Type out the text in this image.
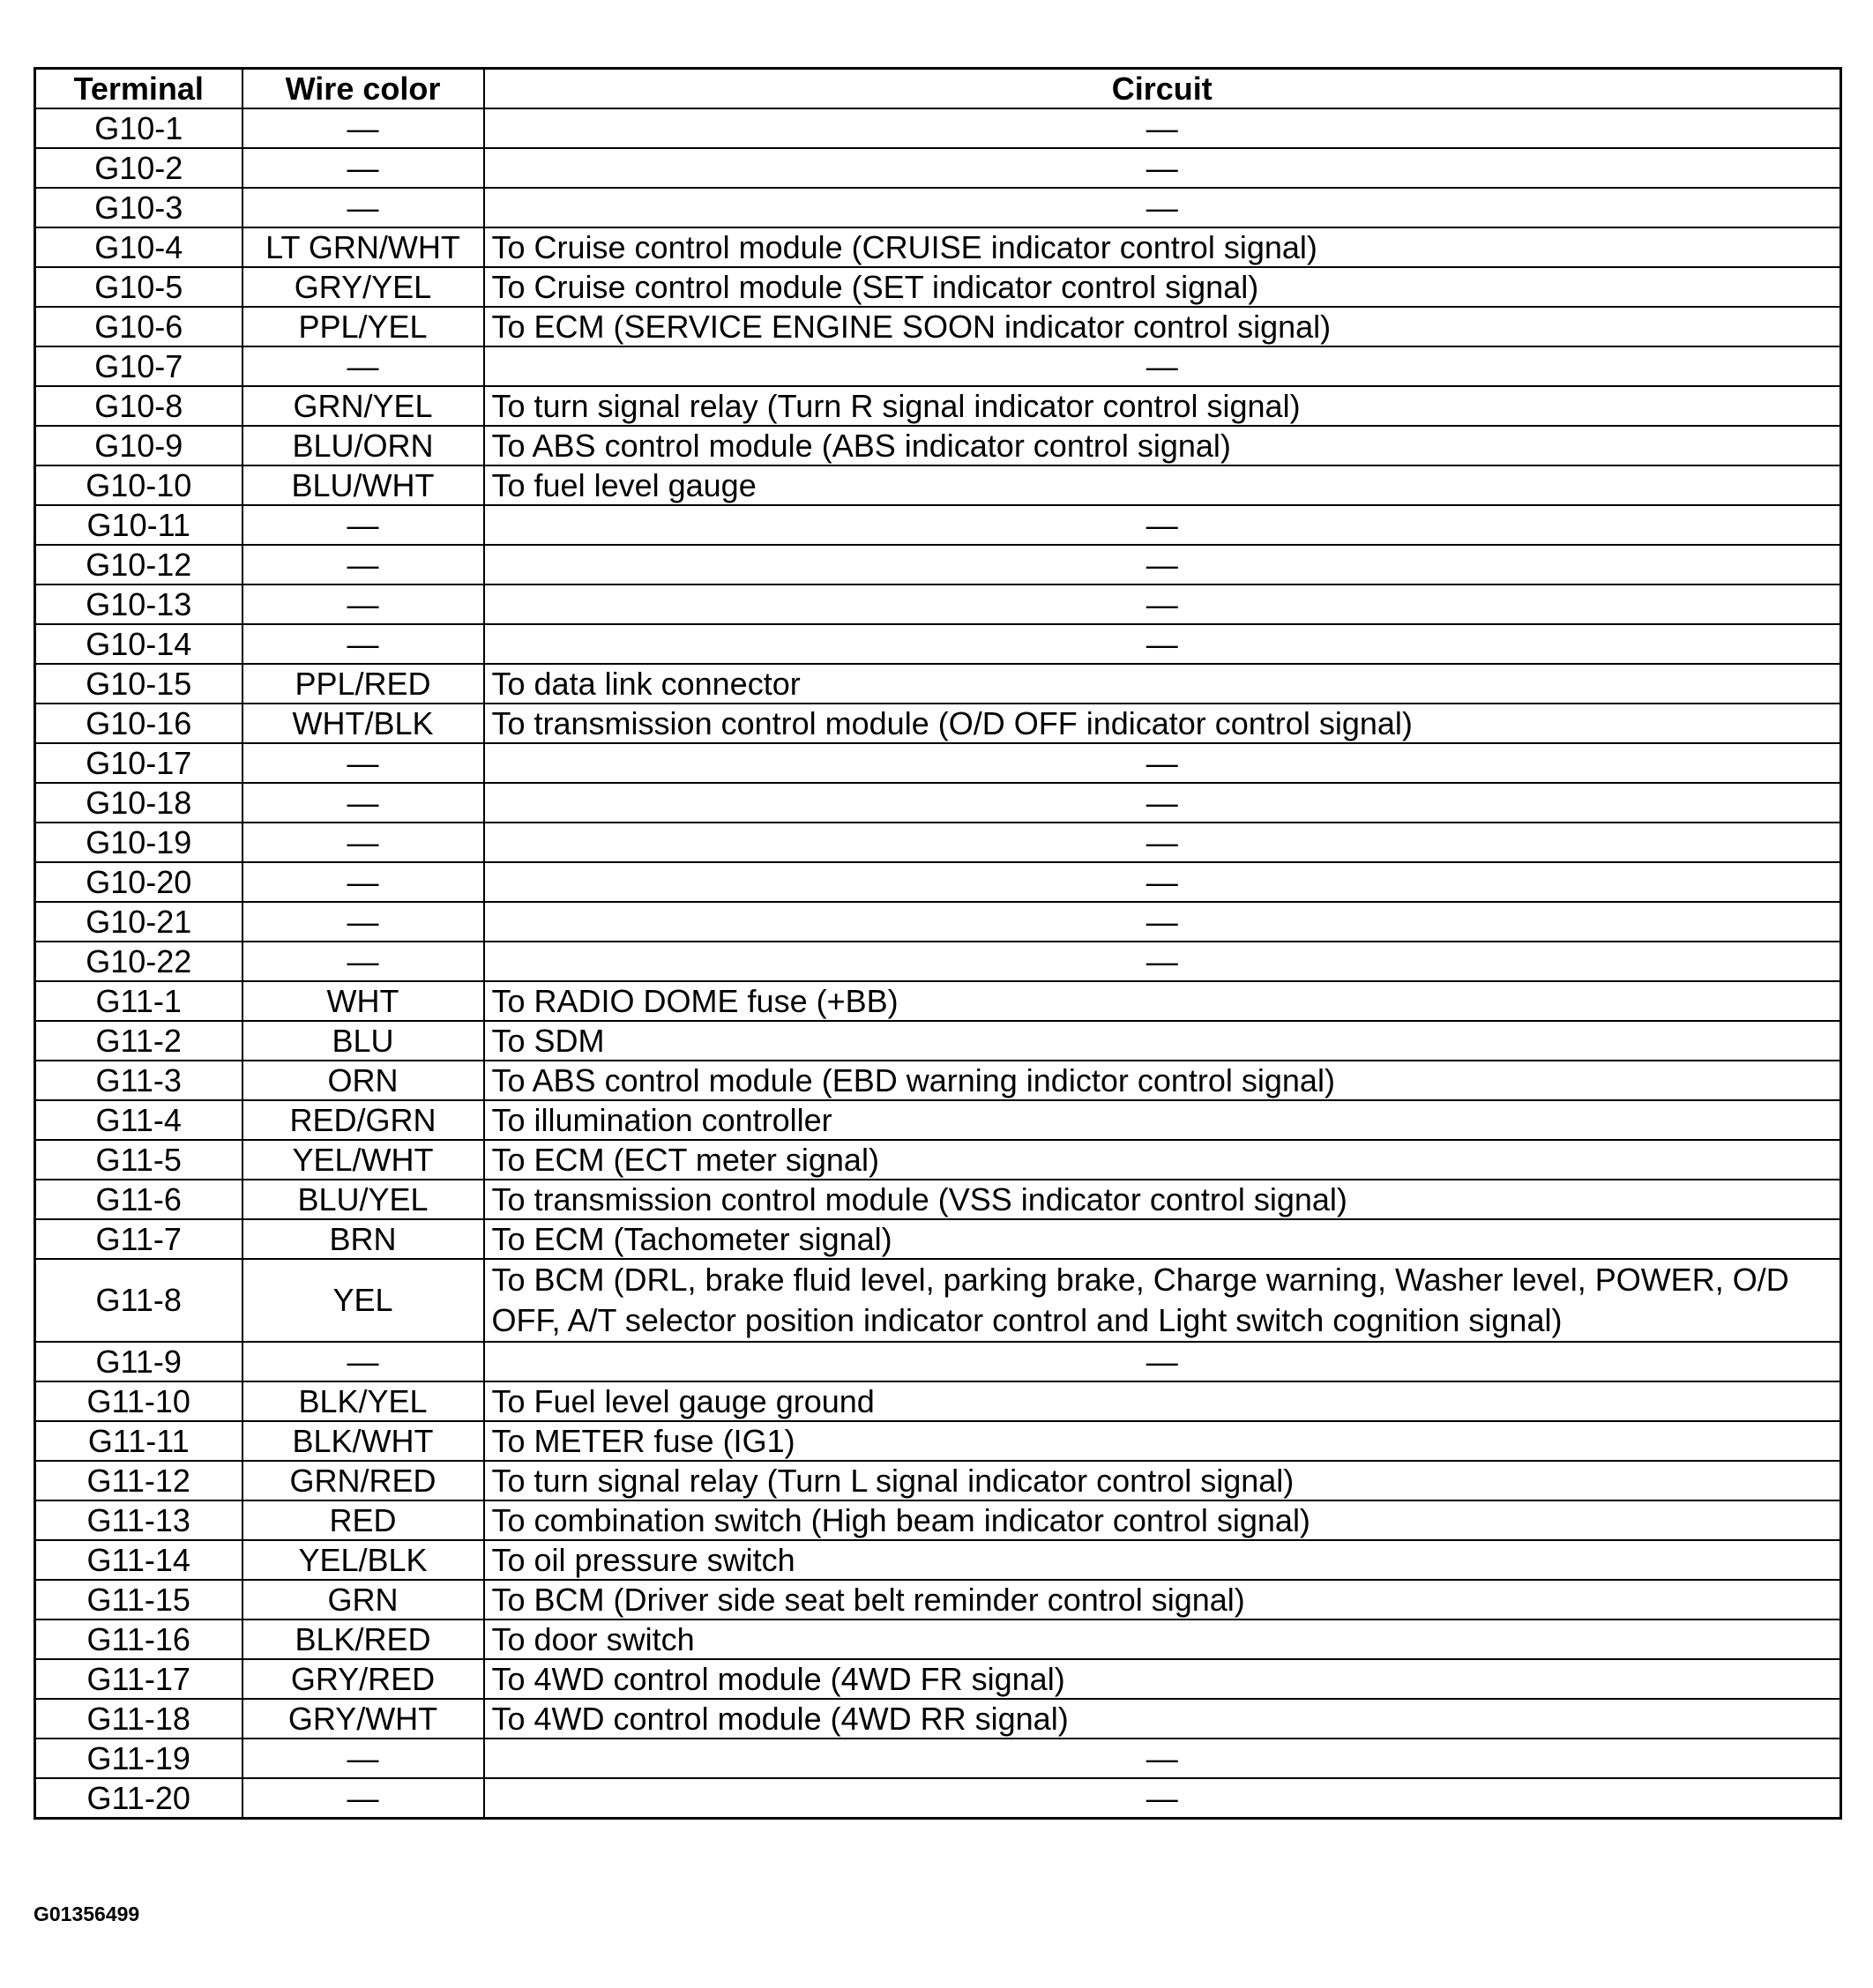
Terminal	Wire color	Circuit
G10-1	—	—
G10-2	—	—
G10-3	—	—
G10-4	LT GRN/WHT	To Cruise control module (CRUISE indicator control signal)
G10-5	GRY/YEL	To Cruise control module (SET indicator control signal)
G10-6	PPL/YEL	To ECM (SERVICE ENGINE SOON indicator control signal)
G10-7	—	—
G10-8	GRN/YEL	To turn signal relay (Turn R signal indicator control signal)
G10-9	BLU/ORN	To ABS control module (ABS indicator control signal)
G10-10	BLU/WHT	To fuel level gauge
G10-11	—	—
G10-12	—	—
G10-13	—	—
G10-14	—	—
G10-15	PPL/RED	To data link connector
G10-16	WHT/BLK	To transmission control module (O/D OFF indicator control signal)
G10-17	—	—
G10-18	—	—
G10-19	—	—
G10-20	—	—
G10-21	—	—
G10-22	—	—
G11-1	WHT	To RADIO DOME fuse (+BB)
G11-2	BLU	To SDM
G11-3	ORN	To ABS control module (EBD warning indictor control signal)
G11-4	RED/GRN	To illumination controller
G11-5	YEL/WHT	To ECM (ECT meter signal)
G11-6	BLU/YEL	To transmission control module (VSS indicator control signal)
G11-7	BRN	To ECM (Tachometer signal)
G11-8	YEL	To BCM (DRL, brake fluid level, parking brake, Charge warning, Washer level, POWER, O/D OFF, A/T selector position indicator control and Light switch cognition signal)
G11-9	—	—
G11-10	BLK/YEL	To Fuel level gauge ground
G11-11	BLK/WHT	To METER fuse (IG1)
G11-12	GRN/RED	To turn signal relay (Turn L signal indicator control signal)
G11-13	RED	To combination switch (High beam indicator control signal)
G11-14	YEL/BLK	To oil pressure switch
G11-15	GRN	To BCM (Driver side seat belt reminder control signal)
G11-16	BLK/RED	To door switch
G11-17	GRY/RED	To 4WD control module (4WD FR signal)
G11-18	GRY/WHT	To 4WD control module (4WD RR signal)
G11-19	—	—
G11-20	—	—
G01356499
